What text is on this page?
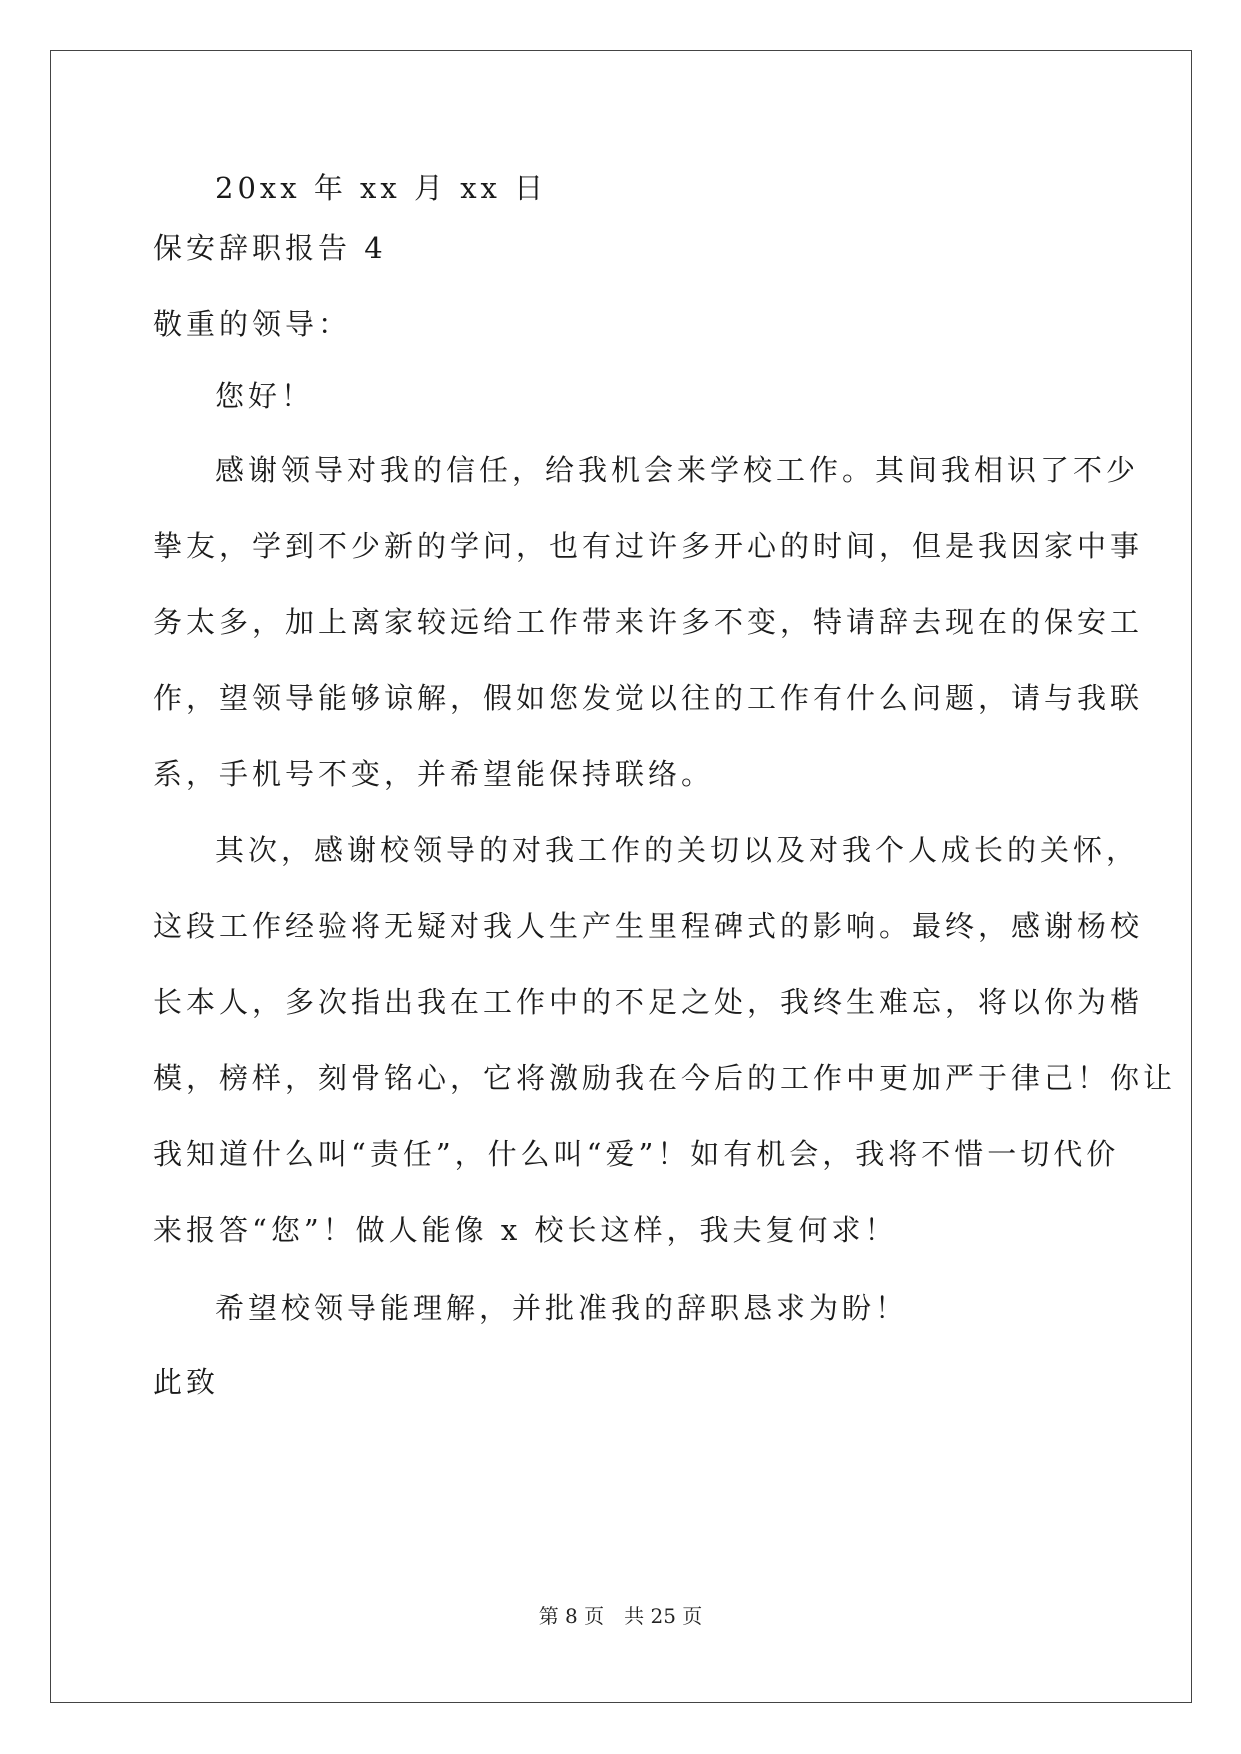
20xx 年 xx 月 xx 日
保安辞职报告 4
敬重的领导：
您好！
感谢领导对我的信任，给我机会来学校工作。其间我相识了不少
挚友，学到不少新的学问，也有过许多开心的时间，但是我因家中事
务太多，加上离家较远给工作带来许多不变，特请辞去现在的保安工
作，望领导能够谅解，假如您发觉以往的工作有什么问题，请与我联
系，手机号不变，并希望能保持联络。
其次，感谢校领导的对我工作的关切以及对我个人成长的关怀，
这段工作经验将无疑对我人生产生里程碑式的影响。最终，感谢杨校
长本人，多次指出我在工作中的不足之处，我终生难忘，将以你为楷
模，榜样，刻骨铭心，它将激励我在今后的工作中更加严于律己！你让
我知道什么叫“责任”，什么叫“爱”！如有机会，我将不惜一切代价
来报答“您”！做人能像 x 校长这样，我夫复何求！
希望校领导能理解，并批准我的辞职恳求为盼！
此致
第 8 页　共 25 页
